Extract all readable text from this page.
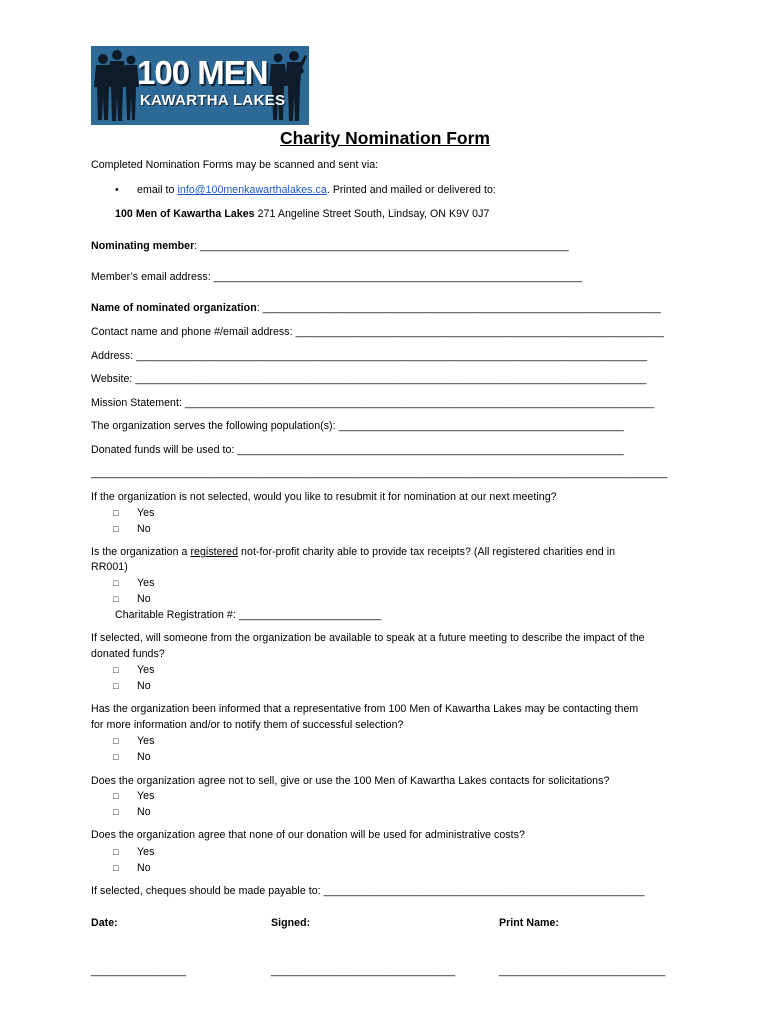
100 MEN
KAWARTHA LAKES
Charity Nomination Form
Completed Nomination Forms may be scanned and sent via:
• email to info@100menkawarthalakes.ca. Printed and mailed or delivered to:
100 Men of Kawartha Lakes 271 Angeline Street South, Lindsay, ON K9V 0J7
Nominating member: ______________________________________________________________
Member’s email address: ______________________________________________________________
Name of nominated organization: ___________________________________________________________________
Contact name and phone #/email address: ______________________________________________________________
Address: ______________________________________________________________________________________
Website: ______________________________________________________________________________________
Mission Statement: _______________________________________________________________________________
The organization serves the following population(s): ________________________________________________
Donated funds will be used to: _________________________________________________________________
_________________________________________________________________________________________________
If the organization is not selected, would you like to resubmit it for nomination at our next meeting?
□ Yes
□ No
Is the organization a registered not-for-profit charity able to provide tax receipts? (All registered charities end in
RR001)
□ Yes
□ No
Charitable Registration #: ________________________
If selected, will someone from the organization be available to speak at a future meeting to describe the impact of the
donated funds?
□ Yes
□ No
Has the organization been informed that a representative from 100 Men of Kawartha Lakes may be contacting them
for more information and/or to notify them of successful selection?
□ Yes
□ No
Does the organization agree not to sell, give or use the 100 Men of Kawartha Lakes contacts for solicitations?
□ Yes
□ No
Does the organization agree that none of our donation will be used for administrative costs?
□ Yes
□ No
If selected, cheques should be made payable to: ______________________________________________________
Date:	Signed:	Print Name:
________________	_______________________________	____________________________
